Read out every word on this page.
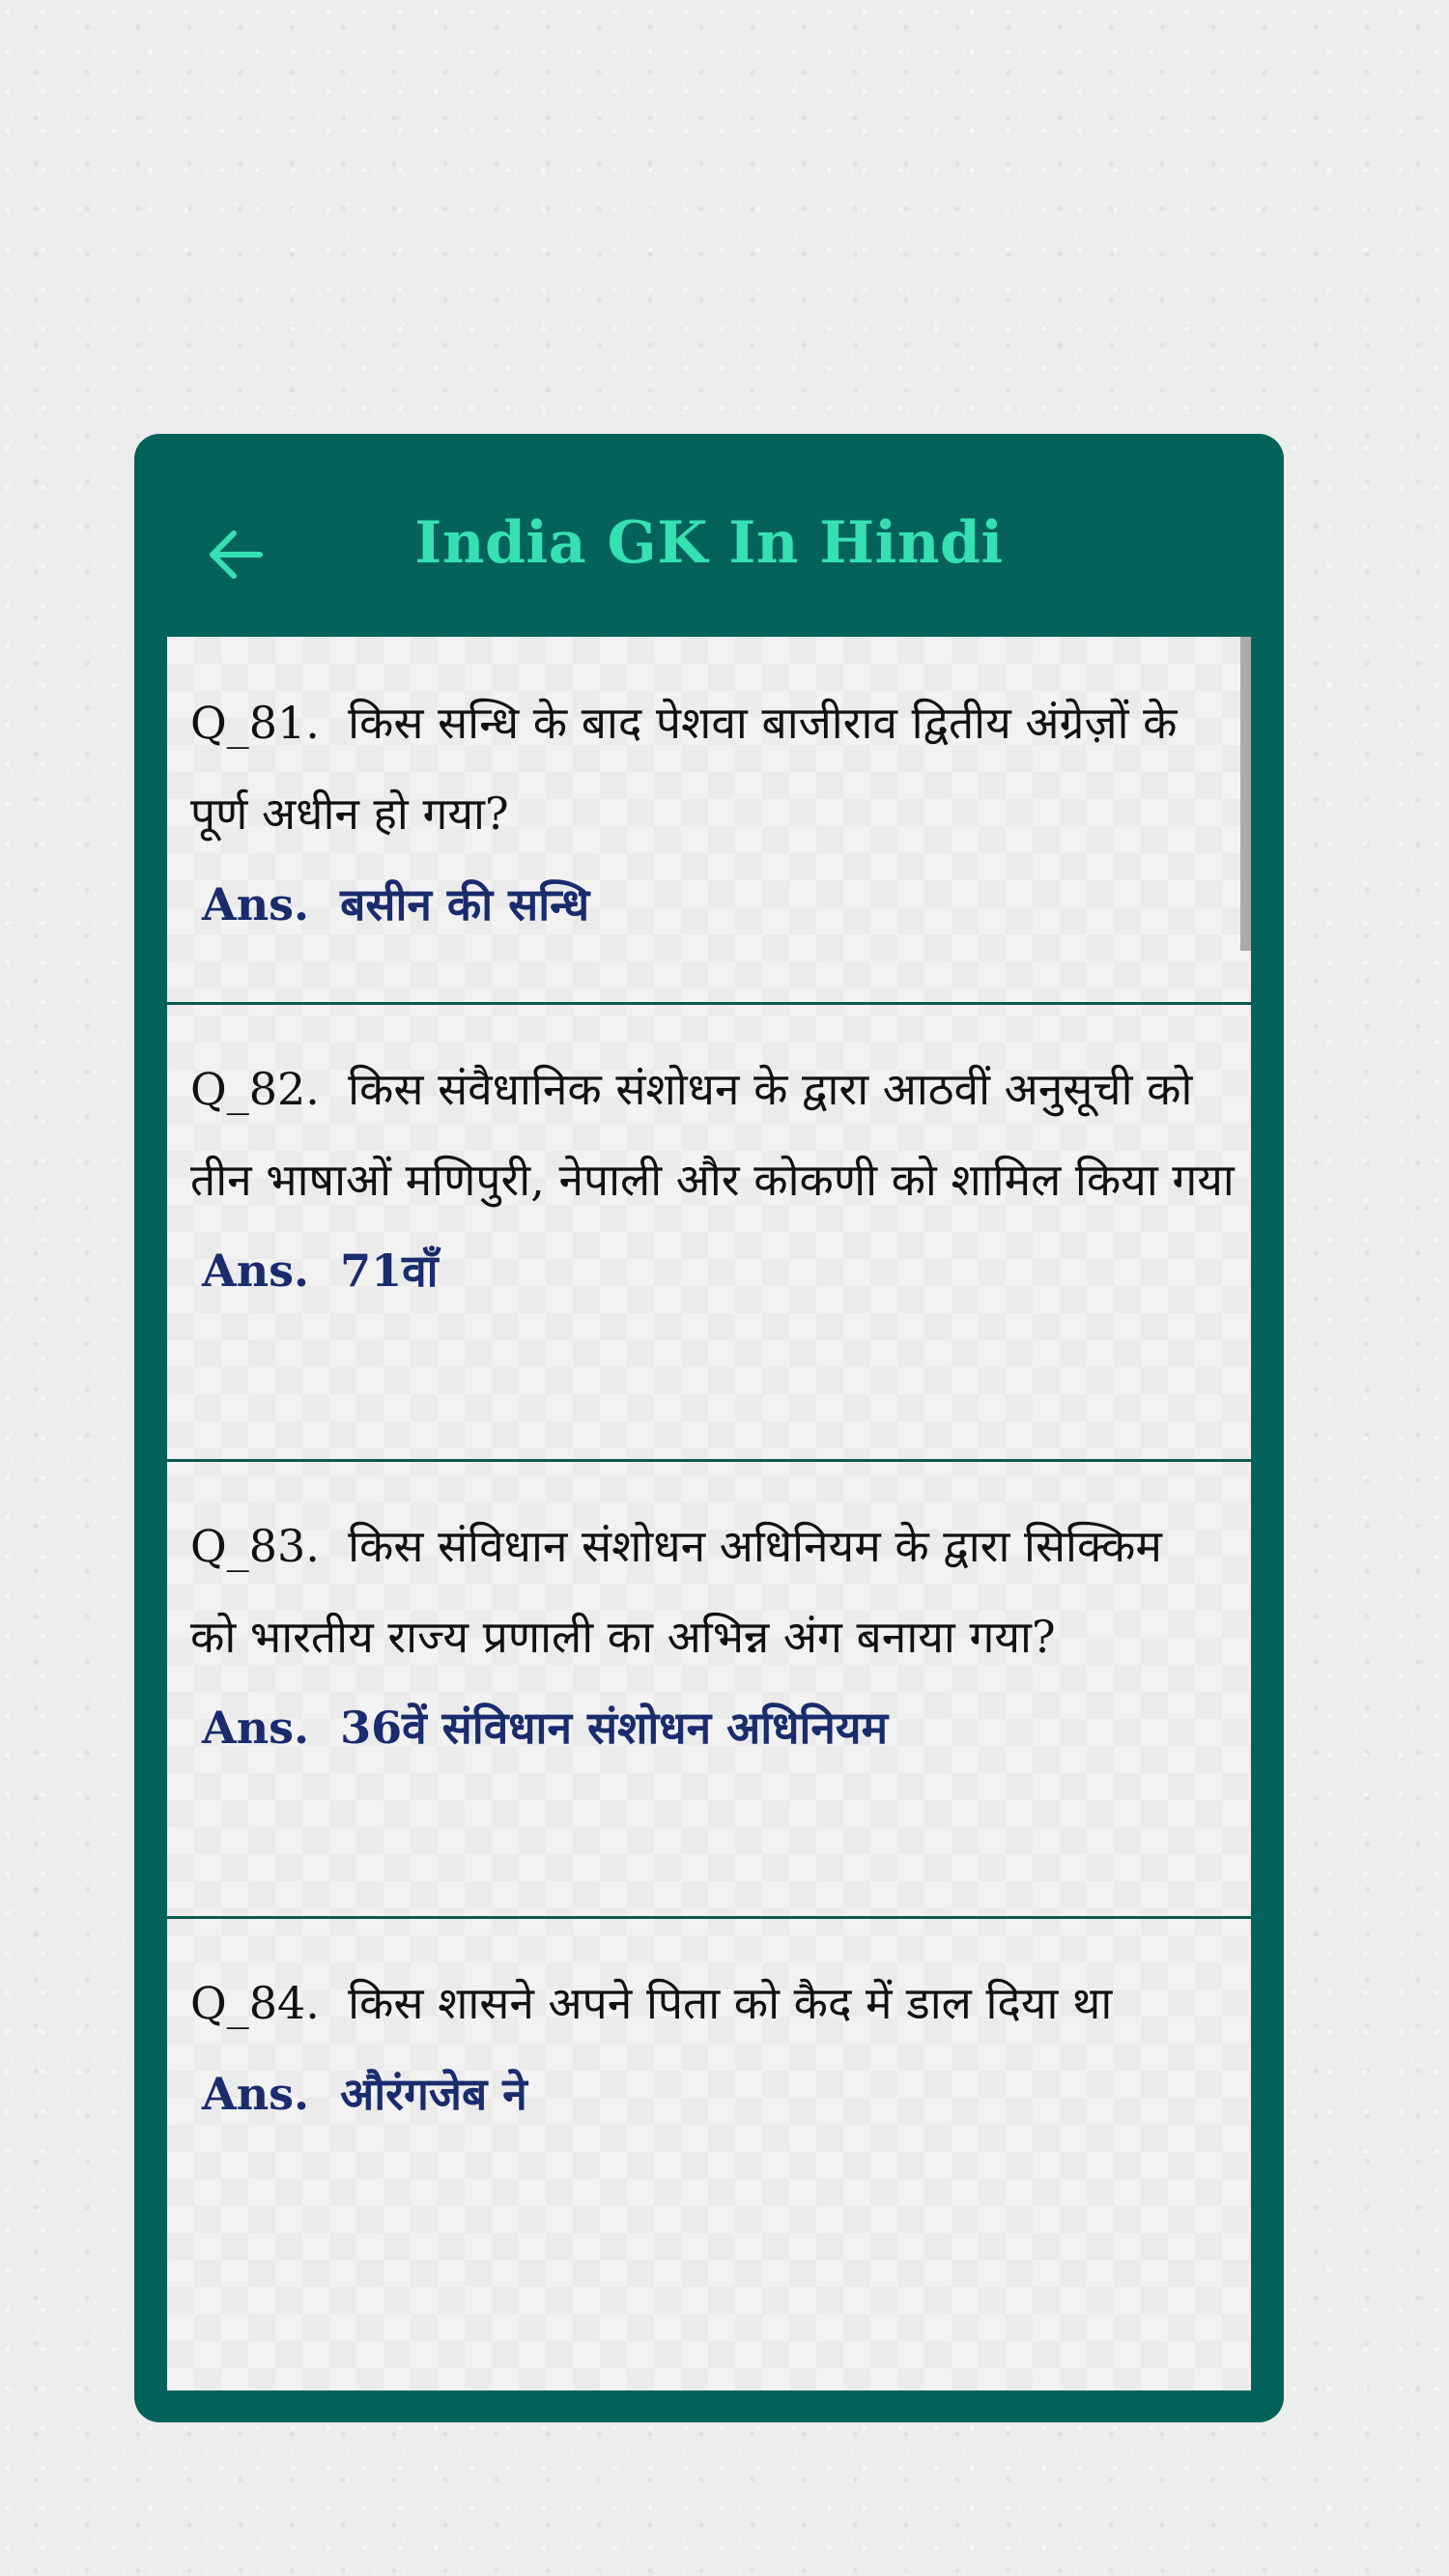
India GK In Hindi
Q_81. किस सन्धि के बाद पेशवा बाजीराव द्वितीय अंग्रेज़ों के पूर्ण अधीन हो गया?
Ans. बसीन की सन्धि
Q_82. किस संवैधानिक संशोधन के द्वारा आठवीं अनुसूची को तीन भाषाओं मणिपुरी, नेपाली और कोकणी को शामिल किया गया
Ans. 71वाँ
Q_83. किस संविधान संशोधन अधिनियम के द्वारा सिक्किम को भारतीय राज्य प्रणाली का अभिन्न अंग बनाया गया?
Ans. 36वें संविधान संशोधन अधिनियम
Q_84. किस शासने अपने पिता को कैद में डाल दिया था
Ans. औरंगजेब ने
